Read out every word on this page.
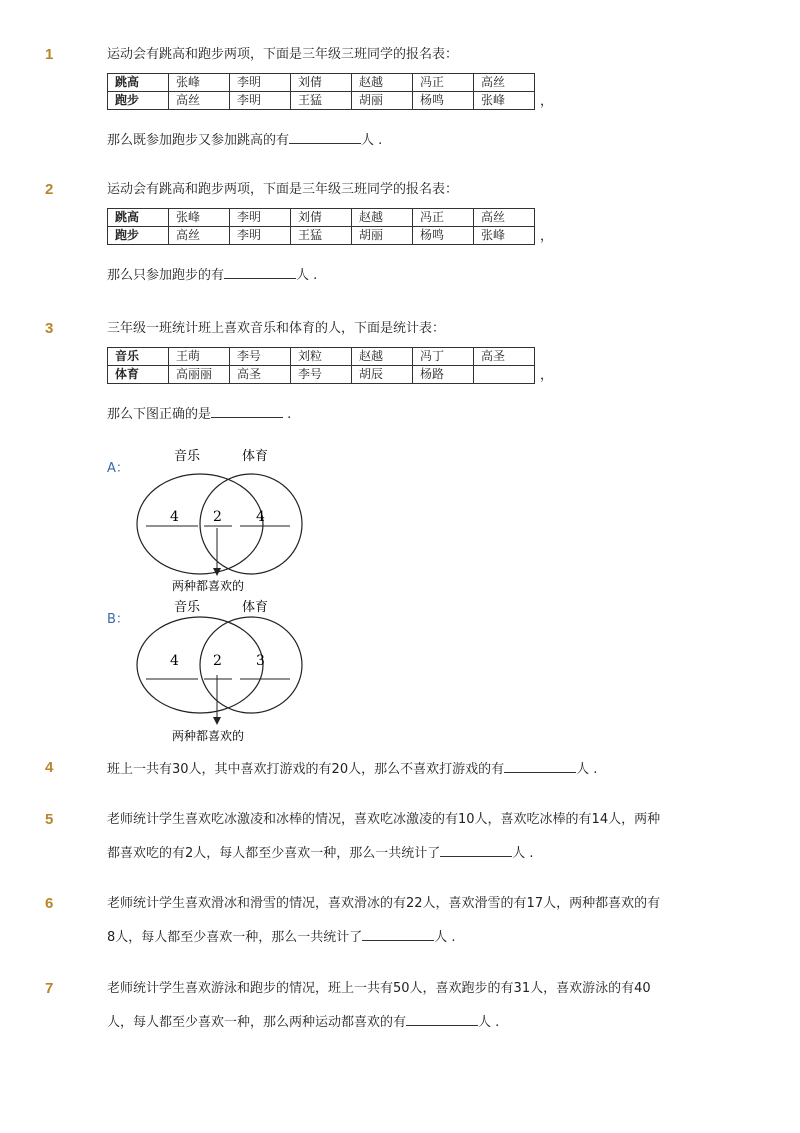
1	运动会有跳高和跑步两项，下面是三年级三班同学的报名表：
跳高	张峰	李明	刘倩	赵越	冯正	高丝
跑步	高丝	李明	王猛	胡丽	杨鸣	张峰	，
那么既参加跑步又参加跳高的有	人 .
2	运动会有跳高和跑步两项，下面是三年级三班同学的报名表：
跳高	张峰	李明	刘倩	赵越	冯正	高丝
跑步	高丝	李明	王猛	胡丽	杨鸣	张峰	，
那么只参加跑步的有	人 .
3	三年级一班统计班上喜欢音乐和体育的人，下面是统计表：
音乐	王萌	李号	刘粒	赵越	冯丁	高圣
体育	高丽丽	高圣	李号	胡辰	杨路		，
那么下图正确的是	.
A：
音乐	体育
4 2 4
两种都喜欢的
B：
音乐	体育
4 2 3
两种都喜欢的
4	班上一共有30人，其中喜欢打游戏的有20人，那么不喜欢打游戏的有	人 .
5	老师统计学生喜欢吃冰激凌和冰棒的情况，喜欢吃冰激凌的有10人，喜欢吃冰棒的有14人，两种
都喜欢吃的有2人，每人都至少喜欢一种，那么一共统计了	人 .
6	老师统计学生喜欢滑冰和滑雪的情况，喜欢滑冰的有22人，喜欢滑雪的有17人，两种都喜欢的有
8人，每人都至少喜欢一种，那么一共统计了	人 .
7	老师统计学生喜欢游泳和跑步的情况，班上一共有50人，喜欢跑步的有31人，喜欢游泳的有40
人，每人都至少喜欢一种，那么两种运动都喜欢的有	人 .
